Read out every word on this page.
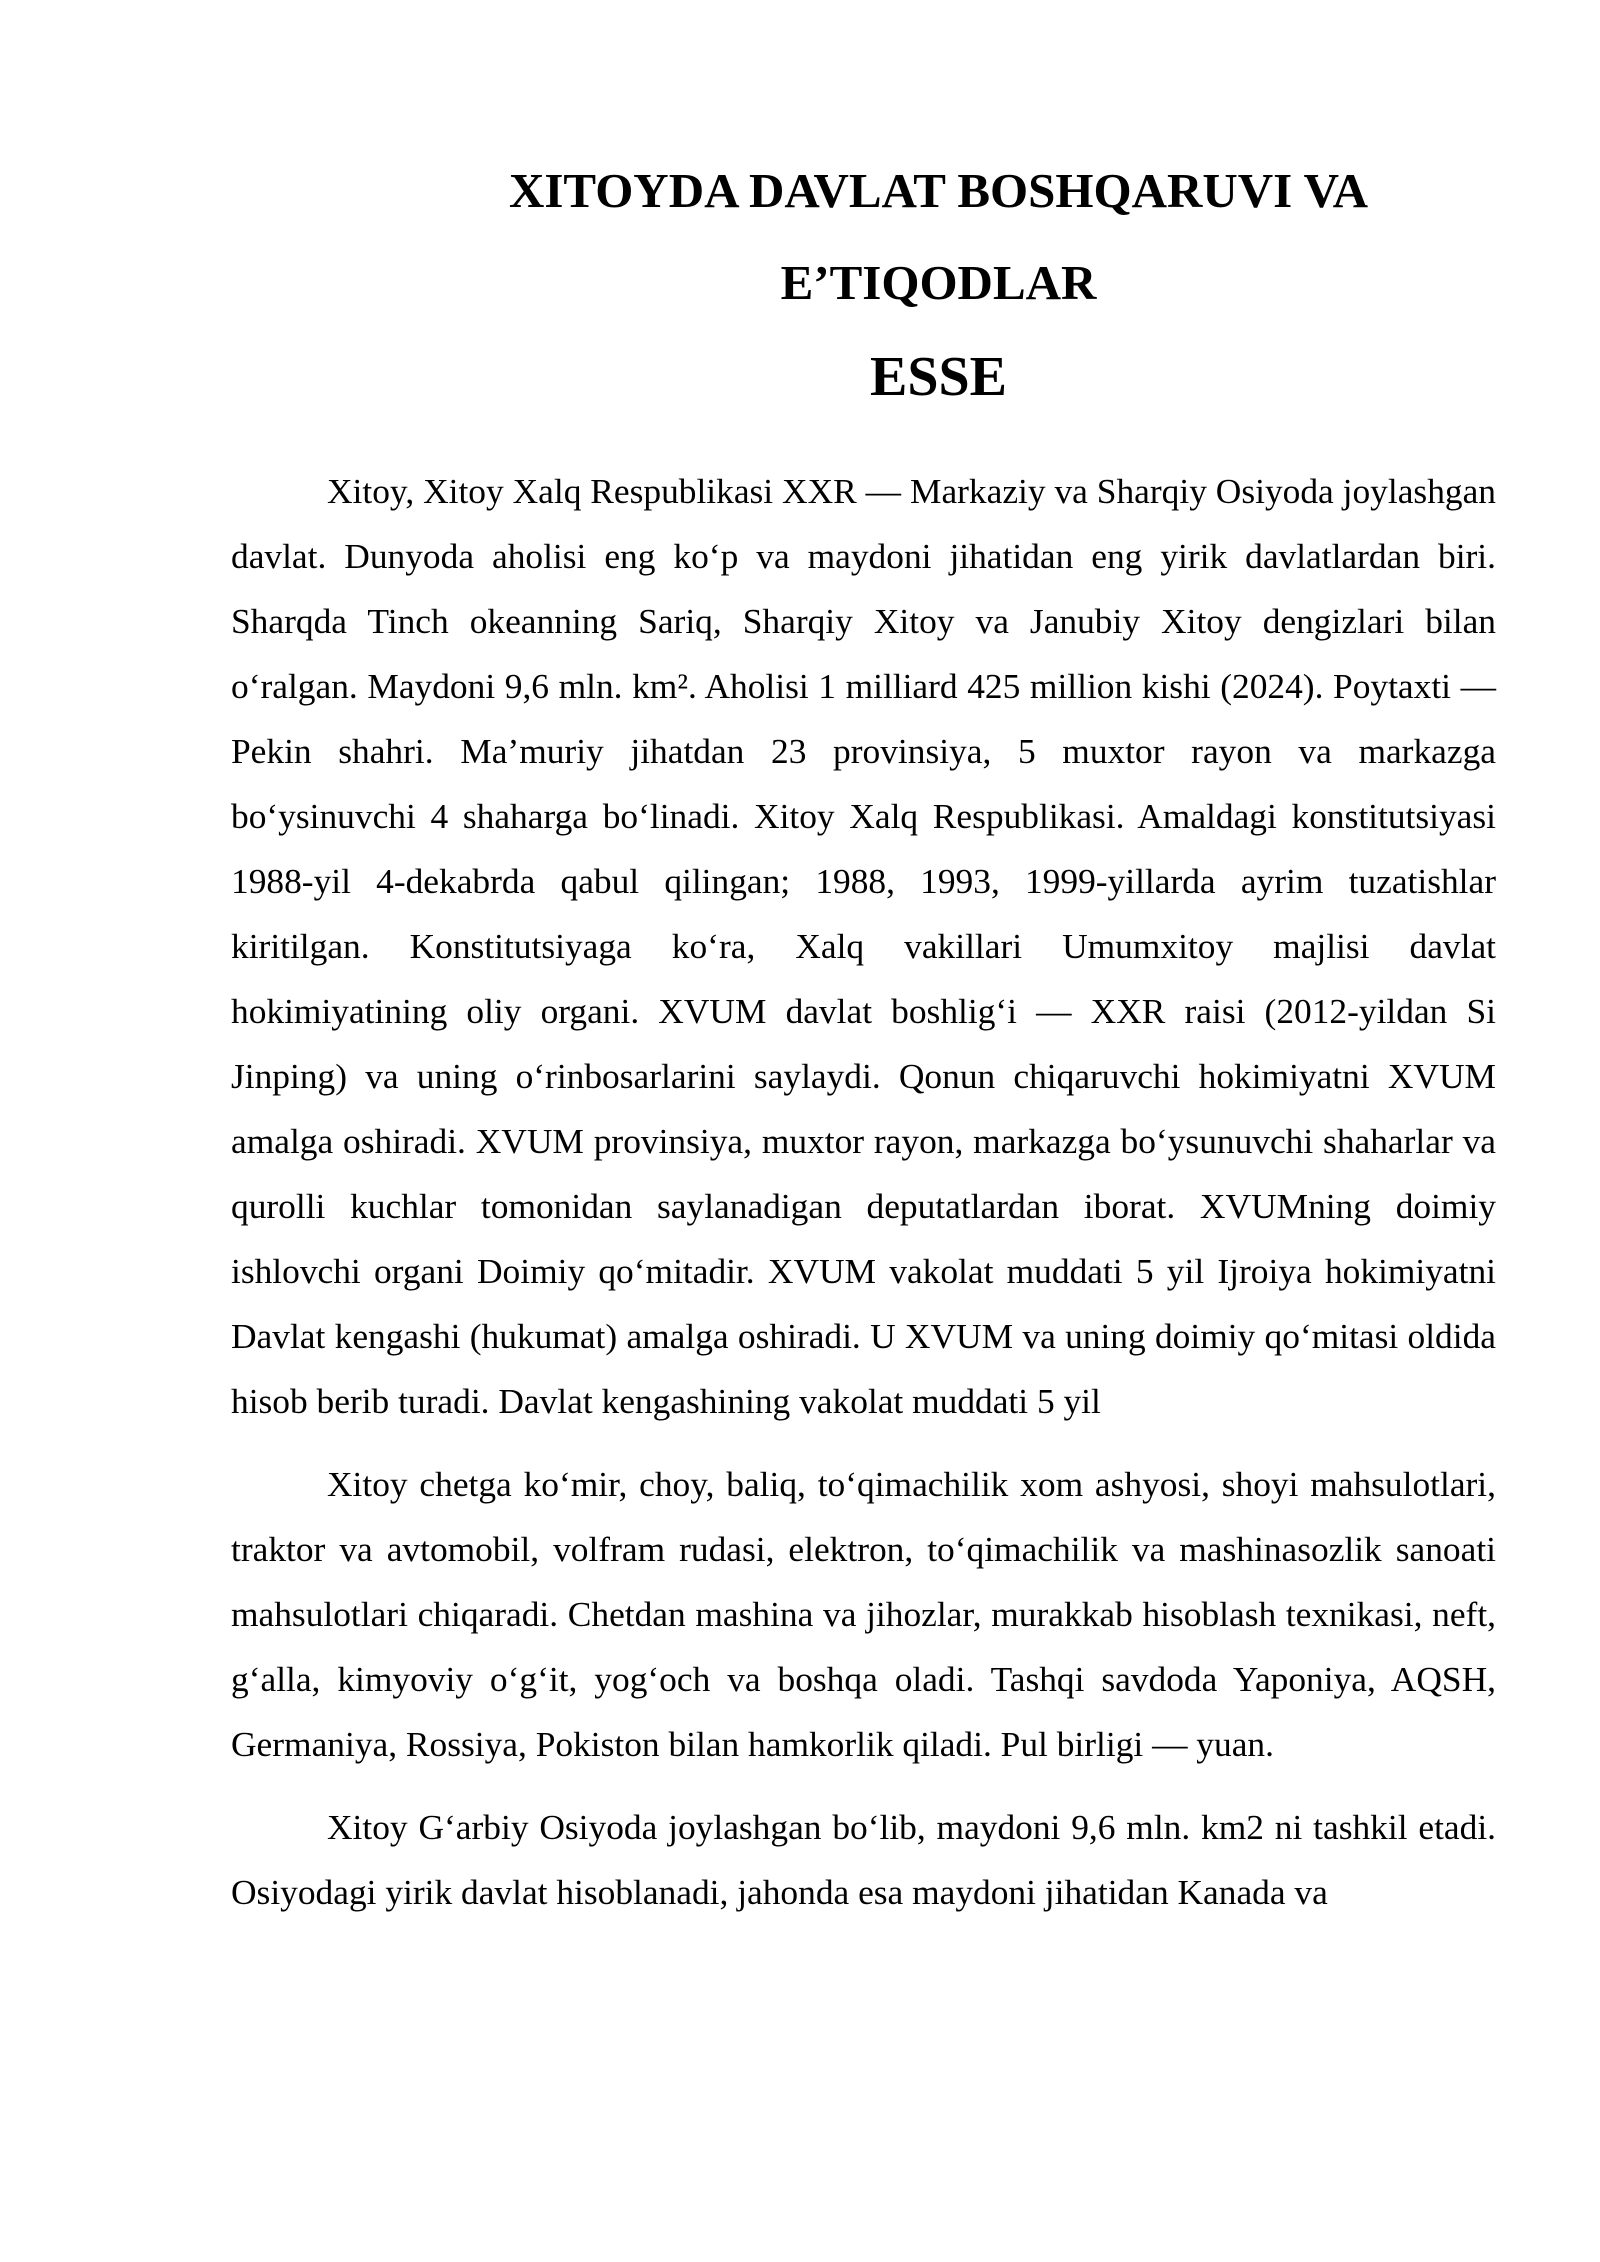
XITOYDA DAVLAT BOSHQARUVI VA E’TIQODLAR
ESSE

Xitoy, Xitoy Xalq Respublikasi XXR — Markaziy va Sharqiy Osiyoda joylashgan davlat. Dunyoda aholisi eng koʻp va maydoni jihatidan eng yirik davlatlardan biri. Sharqda Tinch okeanning Sariq, Sharqiy Xitoy va Janubiy Xitoy dengizlari bilan oʻralgan. Maydoni 9,6 mln. km². Aholisi 1 milliard 425 million kishi (2024). Poytaxti — Pekin shahri. Ma’muriy jihatdan 23 provinsiya, 5 muxtor rayon va markazga boʻysinuvchi 4 shaharga boʻlinadi. Xitoy Xalq Respublikasi. Amaldagi konstitutsiyasi 1988-yil 4-dekabrda qabul qilingan; 1988, 1993, 1999-yillarda ayrim tuzatishlar kiritilgan. Konstitutsiyaga koʻra, Xalq vakillari Umumxitoy majlisi davlat hokimiyatining oliy organi. XVUM davlat boshligʻi — XXR raisi (2012-yildan Si Jinping) va uning oʻrinbosarlarini saylaydi. Qonun chiqaruvchi hokimiyatni XVUM amalga oshiradi. XVUM provinsiya, muxtor rayon, markazga boʻysunuvchi shaharlar va qurolli kuchlar tomonidan saylanadigan deputatlardan iborat. XVUMning doimiy ishlovchi organi Doimiy qoʻmitadir. XVUM vakolat muddati 5 yil Ijroiya hokimiyatni Davlat kengashi (hukumat) amalga oshiradi. U XVUM va uning doimiy qoʻmitasi oldida hisob berib turadi. Davlat kengashining vakolat muddati 5 yil

Xitoy chetga koʻmir, choy, baliq, toʻqimachilik xom ashyosi, shoyi mahsulotlari, traktor va avtomobil, volfram rudasi, elektron, toʻqimachilik va mashinasozlik sanoati mahsulotlari chiqaradi. Chetdan mashina va jihozlar, murakkab hisoblash texnikasi, neft, gʻalla, kimyoviy oʻgʻit, yogʻoch va boshqa oladi. Tashqi savdoda Yaponiya, AQSH, Germaniya, Rossiya, Pokiston bilan hamkorlik qiladi. Pul birligi — yuan.

Xitoy Gʻarbiy Osiyoda joylashgan boʻlib, maydoni 9,6 mln. km2 ni tashkil etadi. Osiyodagi yirik davlat hisoblanadi, jahonda esa maydoni jihatidan Kanada va
